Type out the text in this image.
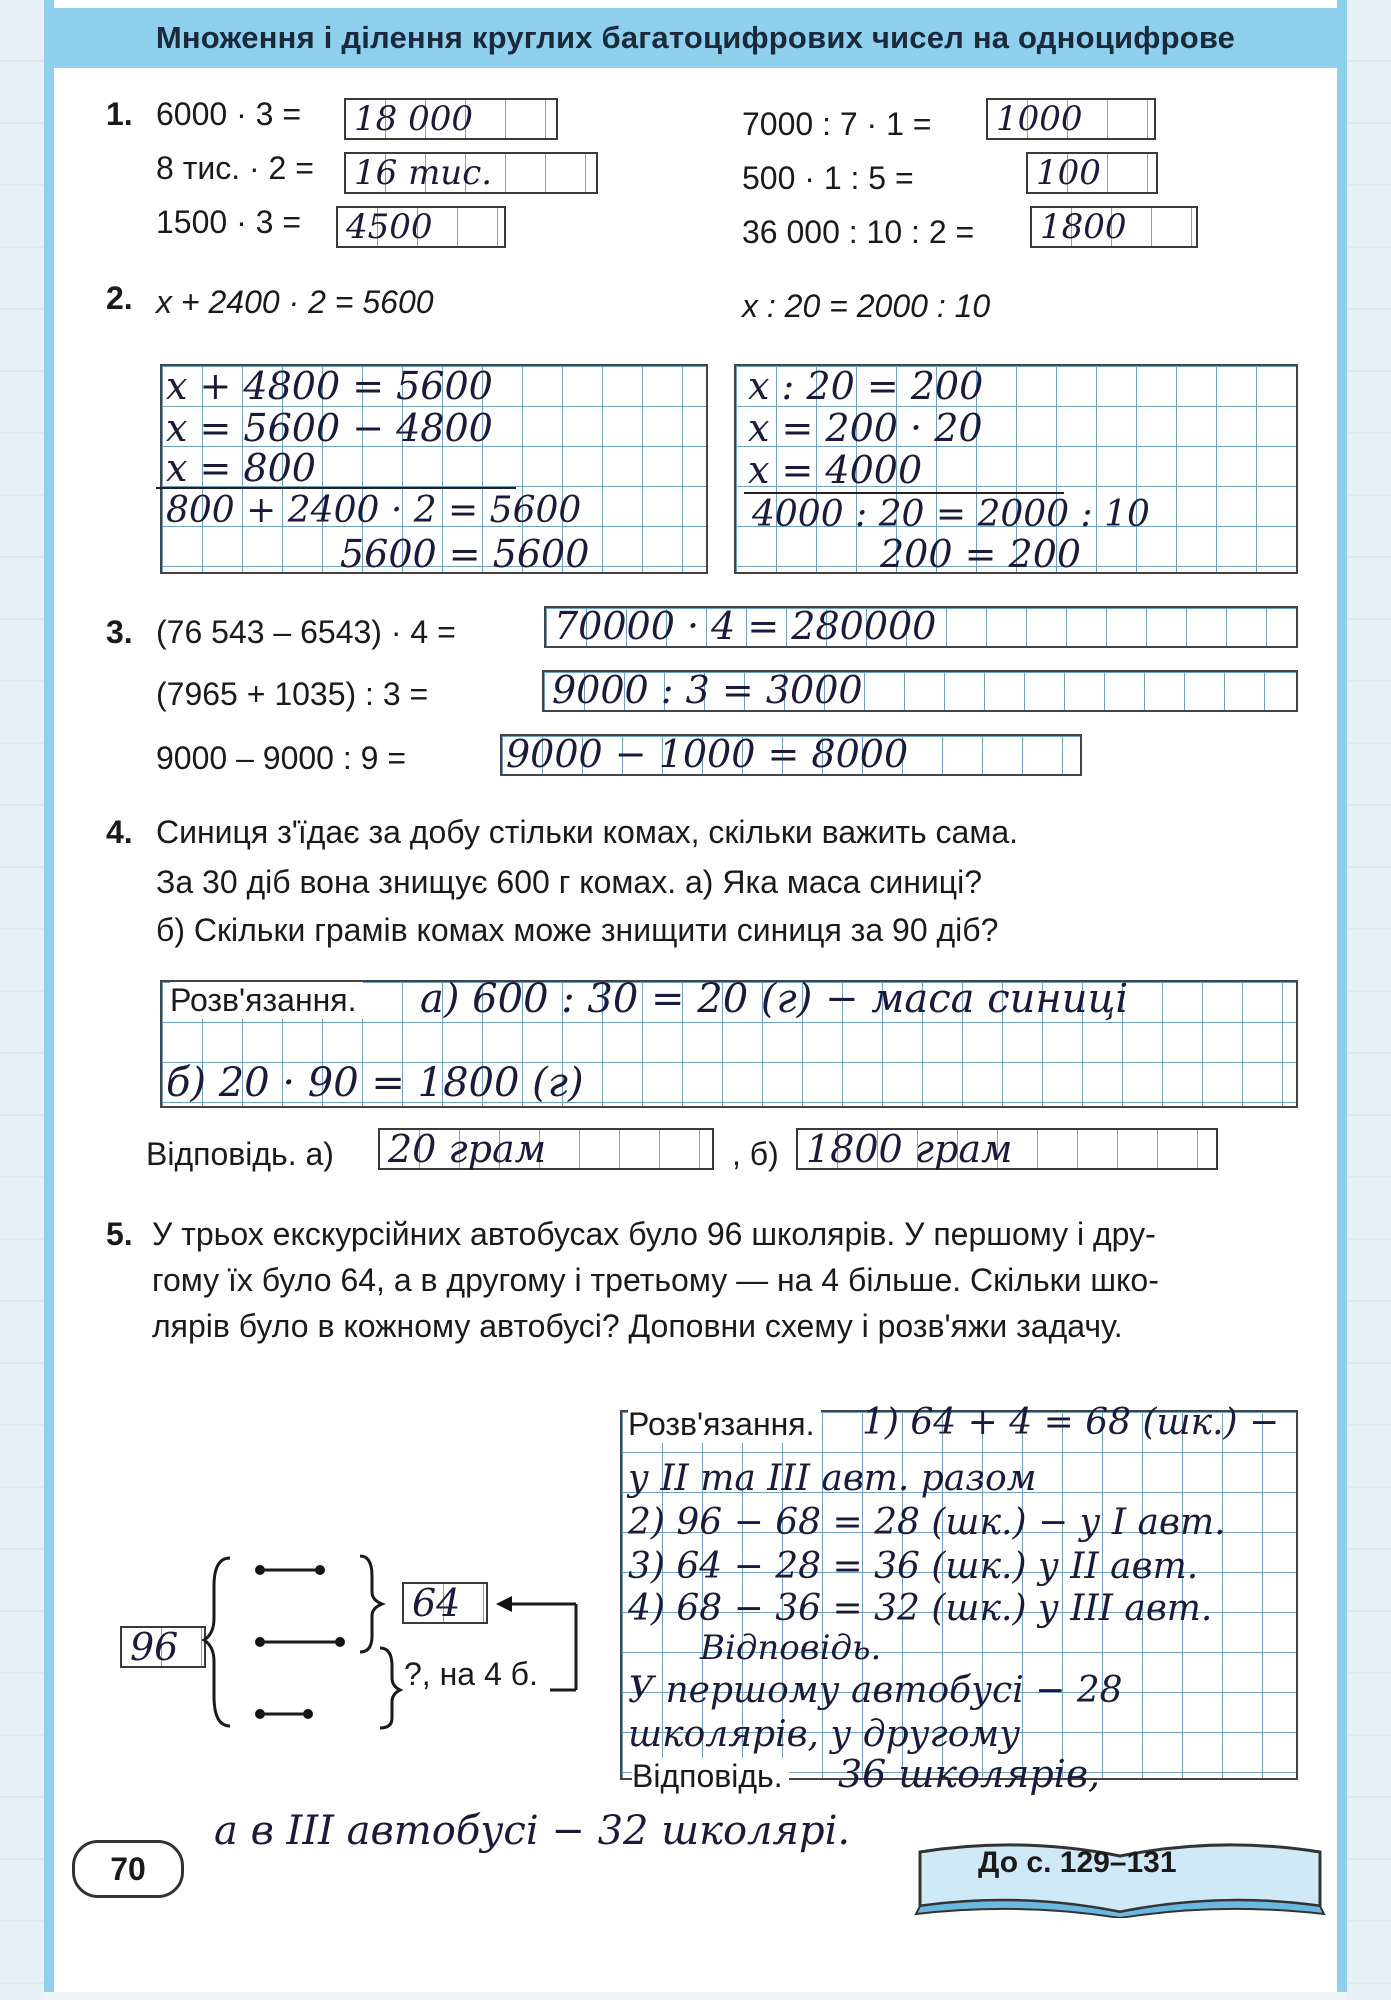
Множення і ділення круглих багатоцифрових чисел на одноцифрове
1. 6000 · 3 = 18 000
8 тис. · 2 = 16 тис.
1500 · 3 = 4500
7000 : 7 · 1 = 1000
500 · 1 : 5 =	100
36 000 : 10 : 2 = 1800
2. x + 2400 · 2 = 5600	x : 20 = 2000 : 10
x + 4800 = 5600
x = 5600 − 4800
x = 800
800 + 2400 · 2 = 5600
5600 = 5600
x : 20 = 200
x = 200 · 20
x = 4000
4000 : 20 = 2000 : 10
200 = 200
3. (76 543 – 6543) · 4 =	70000 · 4 = 280000
(7965 + 1035) : 3 =	9000 : 3 = 3000
9000 – 9000 : 9 =	9000 − 1000 = 8000
4. Синиця з'їдає за добу стільки комах, скільки важить сама.
За 30 діб вона знищує 600 г комах. а) Яка маса синиці?
б) Скільки грамів комах може знищити синиця за 90 діб?
Розв'язання. а) 600 : 30 = 20 (г) − маса синиці
б) 20 · 90 = 1800 (г)
Відповідь. а) 20 грам	, б) 1800 грам
5. У трьох екскурсійних автобусах було 96 школярів. У першому і дру-
гому їх було 64, а в другому і третьому — на 4 більше. Скільки шко-
лярів було в кожному автобусі? Доповни схему і розв'яжи задачу.
Розв'язання. 1) 64 + 4 = 68 (шк.) −
у II та III авт. разом
2) 96 − 68 = 28 (шк.) − у I авт.
3) 64 − 28 = 36 (шк.) у II авт.
4) 68 − 36 = 32 (шк.) у III авт.
Відповідь.
У першому автобусі − 28
школярів, у другому
Відповідь. 36 школярів,
а в III автобусі − 32 школярі.
96
64
?, на 4 б.
70	До с. 129–131
